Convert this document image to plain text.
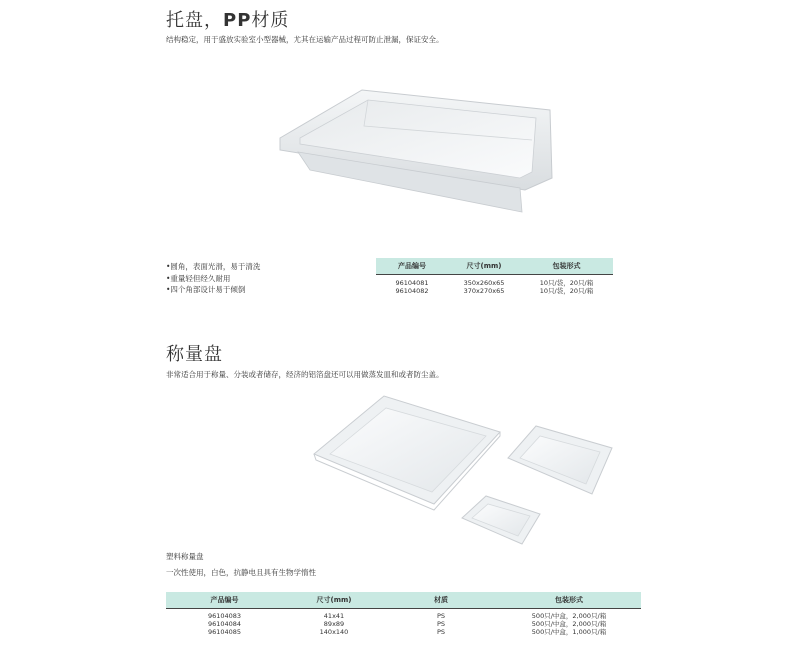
托盘，PP材质
结构稳定，用于盛放实验室小型器械，尤其在运输产品过程可防止泄漏，保证安全。
•圆角，表面光滑，易于清洗
•重量轻但经久耐用
•四个角部设计易于倾倒
产品编号	尺寸(mm)	包装形式
96104081	350x260x65	10只/袋，20只/箱
96104082	370x270x65	10只/袋，20只/箱
称量盘
非常适合用于称量、分装或者储存，经济的铝箔盘还可以用做蒸发皿和或者防尘盖。
塑料称量盘
一次性使用，白色，抗静电且具有生物学惰性
产品编号	尺寸(mm)	材质	包装形式
96104083	41x41	PS	500只/中盒，2,000只/箱
96104084	89x89	PS	500只/中盒，2,000只/箱
96104085	140x140	PS	500只/中盒，1,000只/箱
